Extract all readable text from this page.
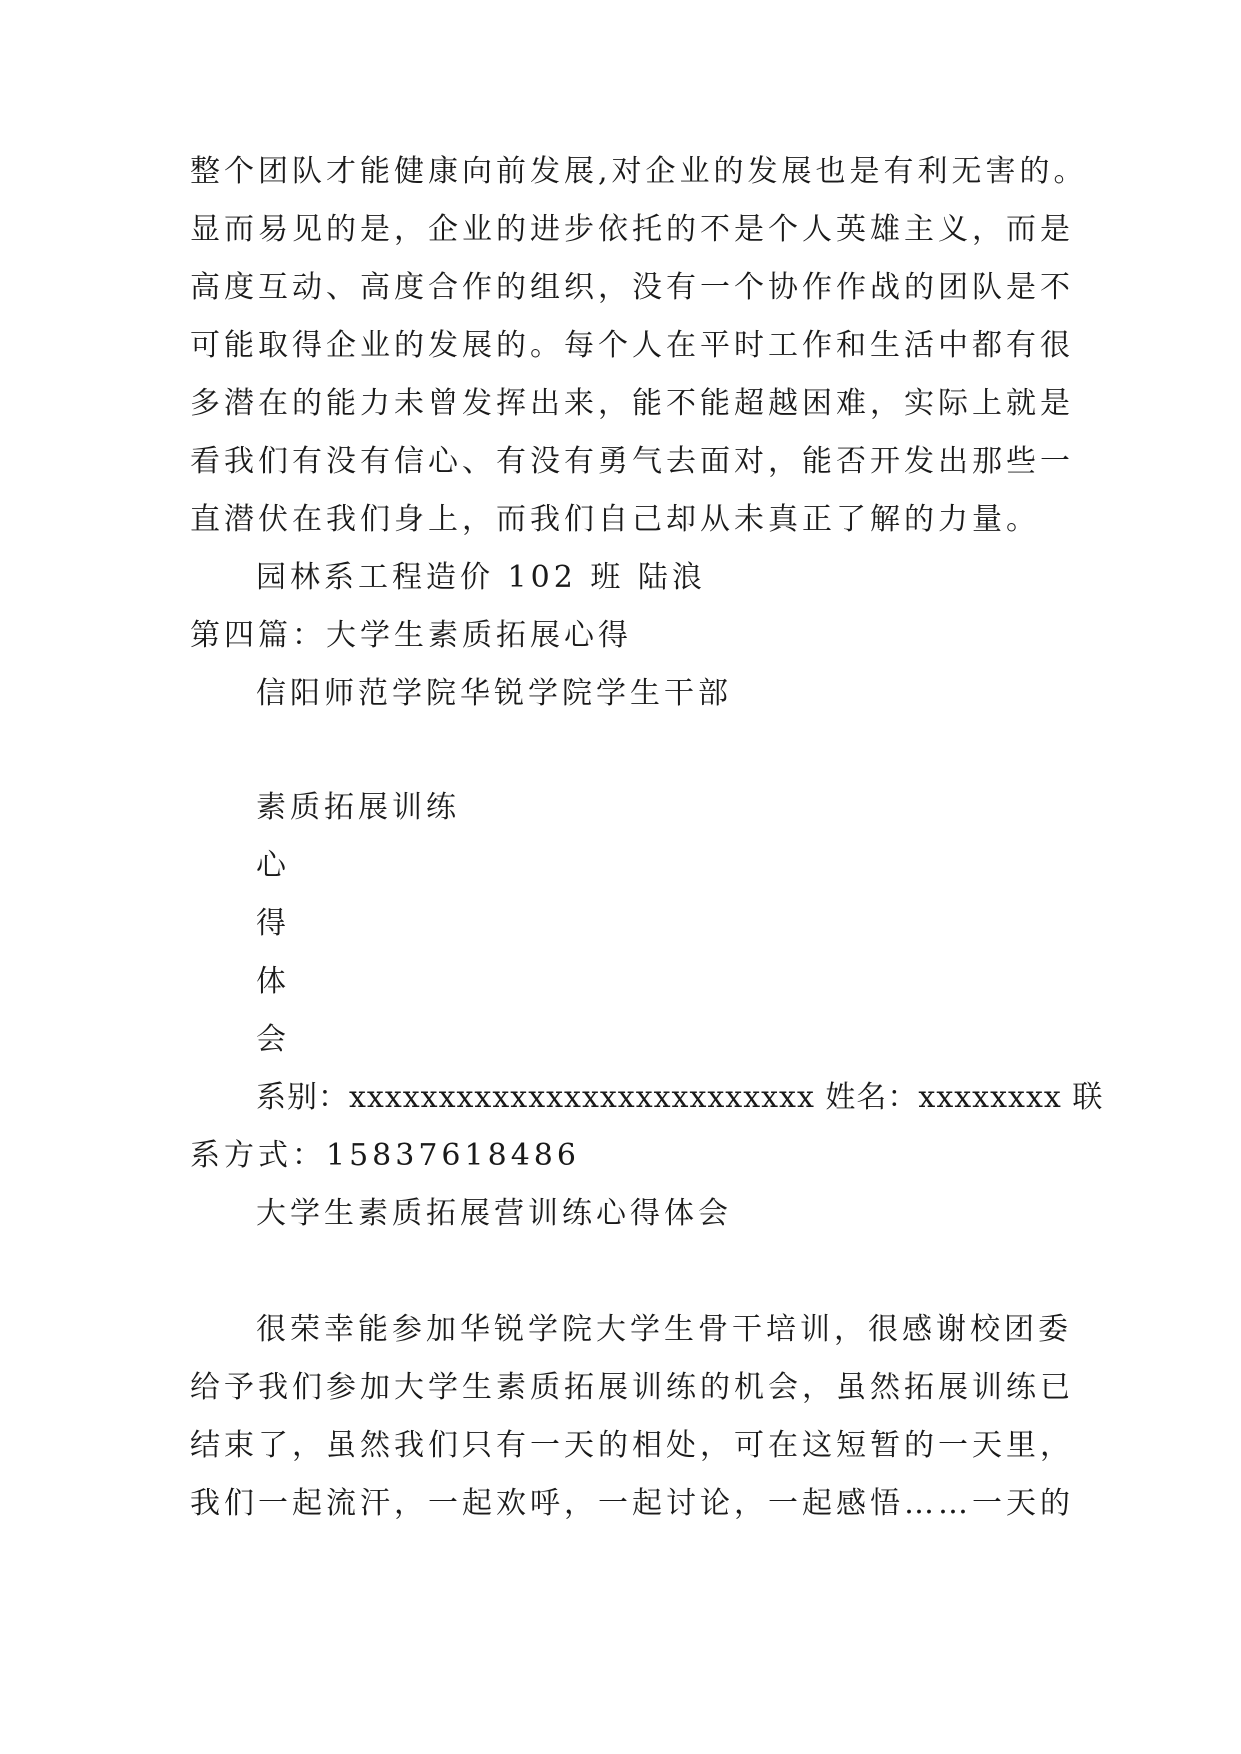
整个团队才能健康向前发展,对企业的发展也是有利无害的。
显而易见的是，企业的进步依托的不是个人英雄主义，而是
高度互动、高度合作的组织，没有一个协作作战的团队是不
可能取得企业的发展的。每个人在平时工作和生活中都有很
多潜在的能力未曾发挥出来，能不能超越困难，实际上就是
看我们有没有信心、有没有勇气去面对，能否开发出那些一
直潜伏在我们身上，而我们自己却从未真正了解的力量。
园林系工程造价 102 班 陆浪
第四篇：大学生素质拓展心得
信阳师范学院华锐学院学生干部
素质拓展训练
心
得
体
会
系别：xxxxxxxxxxxxxxxxxxxxxxxxxx 姓名：xxxxxxxx 联
系方式：15837618486
大学生素质拓展营训练心得体会
很荣幸能参加华锐学院大学生骨干培训，很感谢校团委
给予我们参加大学生素质拓展训练的机会，虽然拓展训练已
结束了，虽然我们只有一天的相处，可在这短暂的一天里，
我们一起流汗，一起欢呼，一起讨论，一起感悟……一天的
